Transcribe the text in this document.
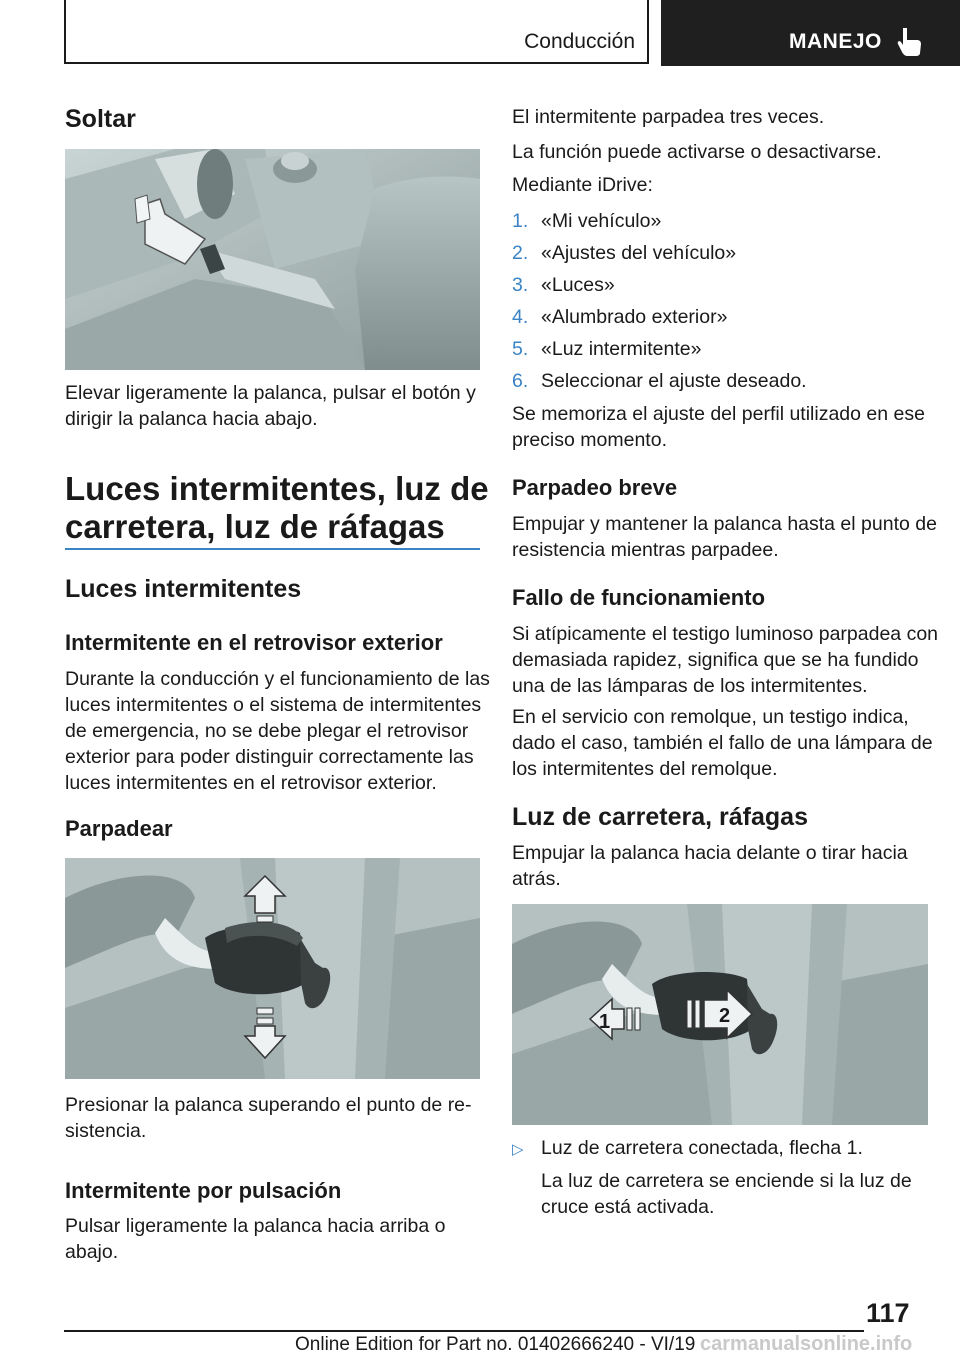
Conducción	MANEJO
Soltar
Elevar ligeramente la palanca, pulsar el botón y
dirigir la palanca hacia abajo.
Luces intermitentes, luz de
carretera, luz de ráfagas
Luces intermitentes
Intermitente en el retrovisor exterior
Durante la conducción y el funcionamiento de las
luces intermitentes o el sistema de intermitentes
de emergencia, no se debe plegar el retrovisor
exterior para poder distinguir correctamente las
luces intermitentes en el retrovisor exterior.
Parpadear
Presionar la palanca superando el punto de re-
sistencia.
Intermitente por pulsación
Pulsar ligeramente la palanca hacia arriba o
abajo.
El intermitente parpadea tres veces.
La función puede activarse o desactivarse.
Mediante iDrive:
1. «Mi vehículo»
2. «Ajustes del vehículo»
3. «Luces»
4. «Alumbrado exterior»
5. «Luz intermitente»
6. Seleccionar el ajuste deseado.
Se memoriza el ajuste del perfil utilizado en ese
preciso momento.
Parpadeo breve
Empujar y mantener la palanca hasta el punto de
resistencia mientras parpadee.
Fallo de funcionamiento
Si atípicamente el testigo luminoso parpadea con
demasiada rapidez, significa que se ha fundido
una de las lámparas de los intermitentes.
En el servicio con remolque, un testigo indica,
dado el caso, también el fallo de una lámpara de
los intermitentes del remolque.
Luz de carretera, ráfagas
Empujar la palanca hacia delante o tirar hacia
atrás.
1	2
▷ Luz de carretera conectada, flecha 1.
La luz de carretera se enciende si la luz de
cruce está activada.
117
Online Edition for Part no. 01402666240 - VI/19 carmanualsonline.info
